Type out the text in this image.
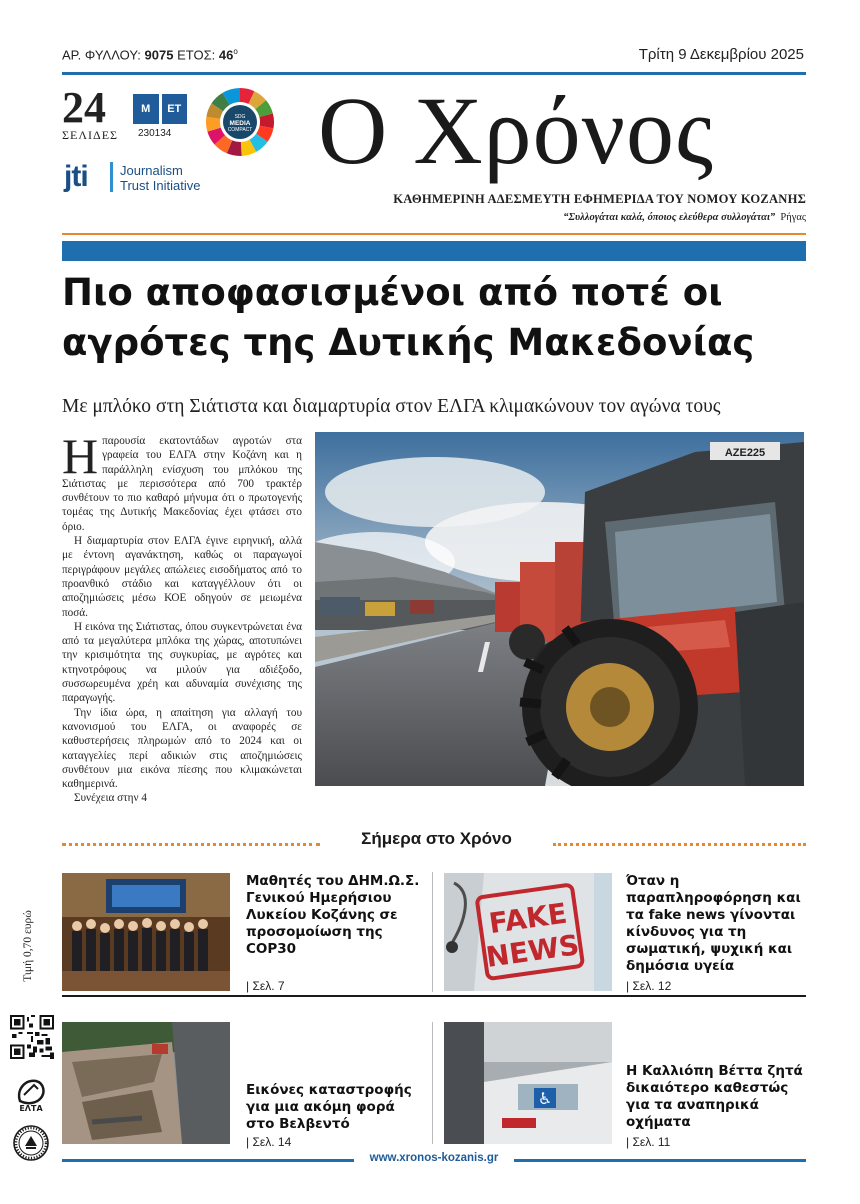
ΑΡ. ΦΥΛΛΟΥ: 9075 ΕΤΟΣ: $46^o$	Τρίτη 9 Δεκεμβρίου 2025
24
ΣΕΛΙΔΕΣ
M	ET
230134
SDG
MEDIA
COMPACT
jti Journalism
Trust Initiative
Ο Χρόνος
ΚΑΘΗΜΕΡΙΝΗ ΑΔΕΣΜΕΥΤΗ ΕΦΗΜΕΡΙΔΑ ΤΟΥ ΝΟΜΟΥ ΚΟΖΑΝΗΣ
“Συλλογάται καλά, όποιος ελεύθερα συλλογάται” Ρήγας
Πιο αποφασισμένοι από ποτέ οι αγρότες της Δυτικής Μακεδονίας
Με μπλόκο στη Σιάτιστα και διαμαρτυρία στον ΕΛΓΑ κλιμακώνουν τον αγώνα τους

Ηπαρουσία εκατοντάδων αγροτών στα γραφεία του ΕΛΓΑ στην Κοζάνη και η παράλληλη ενίσχυση του μπλόκου της Σιάτιστας με περισσότερα από 700 τρακτέρ συνθέτουν το πιο καθαρό μήνυμα ότι ο πρωτογενής τομέας της Δυτικής Μακεδονίας έχει φτάσει στο όριο.

Η διαμαρτυρία στον ΕΛΓΑ έγινε ειρηνική, αλλά με έντονη αγανάκτηση, καθώς οι παραγωγοί περιγράφουν μεγάλες απώλειες εισοδήματος από το προανθικό στάδιο και καταγγέλλουν ότι οι αποζημιώσεις μέσω ΚΟΕ οδηγούν σε μειωμένα ποσά.

Η εικόνα της Σιάτιστας, όπου συγκεντρώνεται ένα από τα μεγαλύτερα μπλόκα της χώρας, αποτυπώνει την κρισιμότητα της συγκυρίας, με αγρότες και κτηνοτρόφους να μιλούν για αδιέξοδο, συσσωρευμένα χρέη και αδυναμία συνέχισης της παραγωγής.

Την ίδια ώρα, η απαίτηση για αλλαγή του κανονισμού του ΕΛΓΑ, οι αναφορές σε καθυστερήσεις πληρωμών από το 2024 και οι καταγγελίες περί αδικιών στις αποζημιώσεις συνθέτουν μια εικόνα πίεσης που κλιμακώνεται καθημερινά.

Συνέχεια στην 4

ΑΖΕ225
Σήμερα στο Χρόνο
Μαθητές του ΔΗΜ.Ω.Σ. Γενικού Ημερήσιου Λυκείου Κοζάνης σε προσομοίωση της COP30
| Σελ. 7
FAKE
NEWS
Όταν η παραπληροφόρηση και τα fake news γίνονται κίνδυνος για τη σωματική, ψυχική και δημόσια υγεία
| Σελ. 12
Εικόνες καταστροφής για μια ακόμη φορά στο Βελβεντό
| Σελ. 14
♿
Η Καλλιόπη Βέττα ζητά δικαιότερο καθεστώς για τα αναπηρικά οχήματα
| Σελ. 11
Τιμή 0,70 ευρώ
ΕΛΤΑ
www.xronos-kozanis.gr
